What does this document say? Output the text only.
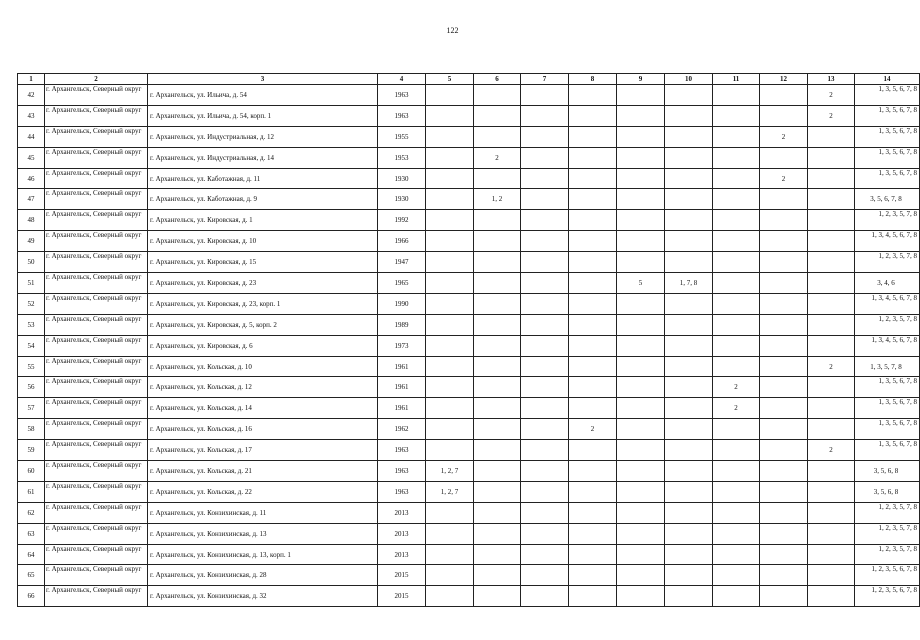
122
1	2	3	4	5	6	7	8	9	10	11	12	13	14
42	г. Архангельск, Северный округ	г. Архангельск, ул. Ильича, д. 54	1963									2	1, 3, 5, 6, 7, 8
43	г. Архангельск, Северный округ	г. Архангельск, ул. Ильича, д. 54, корп. 1	1963									2	1, 3, 5, 6, 7, 8
44	г. Архангельск, Северный округ	г. Архангельск, ул. Индустриальная, д. 12	1955								2		1, 3, 5, 6, 7, 8
45	г. Архангельск, Северный округ	г. Архангельск, ул. Индустриальная, д. 14	1953		2								1, 3, 5, 6, 7, 8
46	г. Архангельск, Северный округ	г. Архангельск, ул. Каботажная, д. 11	1930								2		1, 3, 5, 6, 7, 8
47	г. Архангельск, Северный округ	г. Архангельск, ул. Каботажная, д. 9	1930		1, 2								3, 5, 6, 7, 8
48	г. Архангельск, Северный округ	г. Архангельск, ул. Кировская, д. 1	1992										1, 2, 3, 5, 7, 8
49	г. Архангельск, Северный округ	г. Архангельск, ул. Кировская, д. 10	1966										1, 3, 4, 5, 6, 7, 8
50	г. Архангельск, Северный округ	г. Архангельск, ул. Кировская, д. 15	1947										1, 2, 3, 5, 7, 8
51	г. Архангельск, Северный округ	г. Архангельск, ул. Кировская, д. 23	1965					5	1, 7, 8				3, 4, 6
52	г. Архангельск, Северный округ	г. Архангельск, ул. Кировская, д. 23, корп. 1	1990										1, 3, 4, 5, 6, 7, 8
53	г. Архангельск, Северный округ	г. Архангельск, ул. Кировская, д. 5, корп. 2	1989										1, 2, 3, 5, 7, 8
54	г. Архангельск, Северный округ	г. Архангельск, ул. Кировская, д. 6	1973										1, 3, 4, 5, 6, 7, 8
55	г. Архангельск, Северный округ	г. Архангельск, ул. Кольская, д. 10	1961									2	1, 3, 5, 7, 8
56	г. Архангельск, Северный округ	г. Архангельск, ул. Кольская, д. 12	1961							2			1, 3, 5, 6, 7, 8
57	г. Архангельск, Северный округ	г. Архангельск, ул. Кольская, д. 14	1961							2			1, 3, 5, 6, 7, 8
58	г. Архангельск, Северный округ	г. Архангельск, ул. Кольская, д. 16	1962				2						1, 3, 5, 6, 7, 8
59	г. Архангельск, Северный округ	г. Архангельск, ул. Кольская, д. 17	1963									2	1, 3, 5, 6, 7, 8
60	г. Архангельск, Северный округ	г. Архангельск, ул. Кольская, д. 21	1963	1, 2, 7									3, 5, 6, 8
61	г. Архангельск, Северный округ	г. Архангельск, ул. Кольская, д. 22	1963	1, 2, 7									3, 5, 6, 8
62	г. Архангельск, Северный округ	г. Архангельск, ул. Конзихинская, д. 11	2013										1, 2, 3, 5, 7, 8
63	г. Архангельск, Северный округ	г. Архангельск, ул. Конзихинская, д. 13	2013										1, 2, 3, 5, 7, 8
64	г. Архангельск, Северный округ	г. Архангельск, ул. Конзихинская, д. 13, корп. 1	2013										1, 2, 3, 5, 7, 8
65	г. Архангельск, Северный округ	г. Архангельск, ул. Конзихинская, д. 28	2015										1, 2, 3, 5, 6, 7, 8
66	г. Архангельск, Северный округ	г. Архангельск, ул. Конзихинская, д. 32	2015										1, 2, 3, 5, 6, 7, 8
